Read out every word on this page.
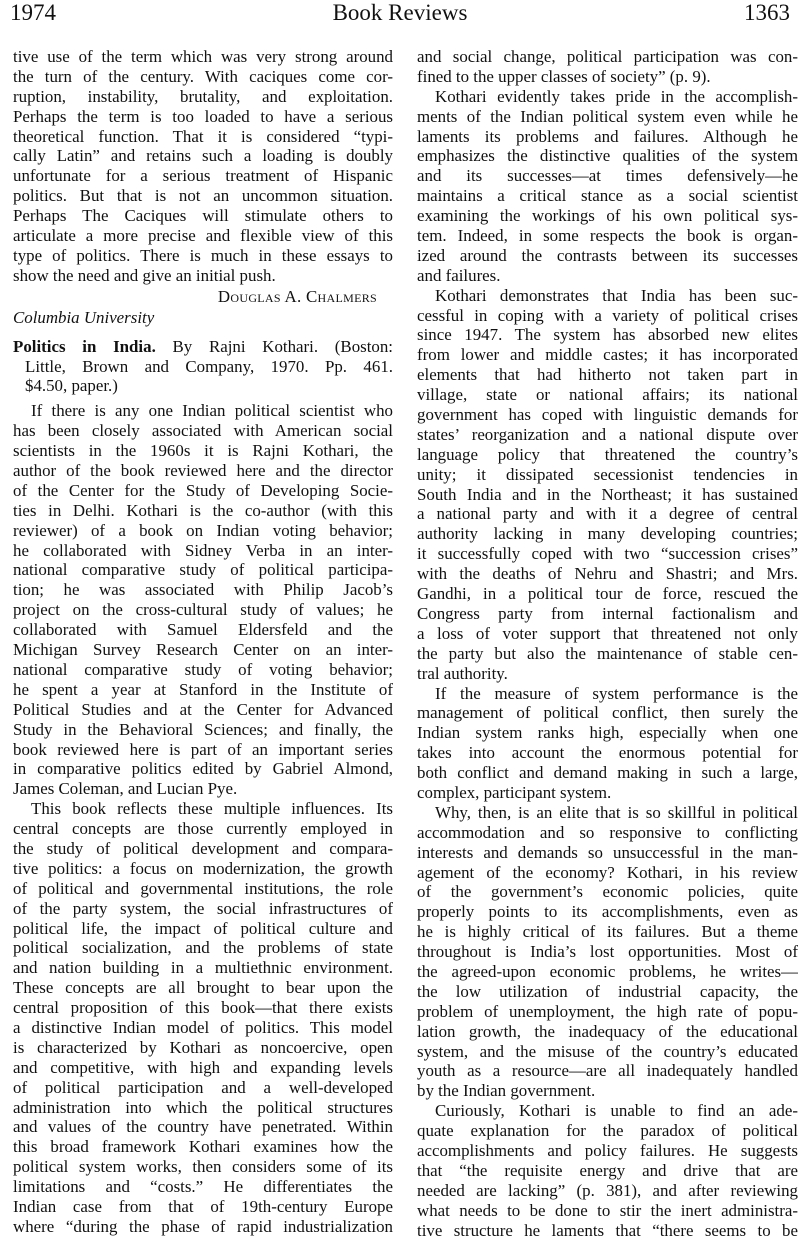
1974	Book Reviews	1363
tive use of the term which was very strong around
the turn of the century. With caciques come cor-
ruption, instability, brutality, and exploitation.
Perhaps the term is too loaded to have a serious
theoretical function. That it is considered “typi-
cally Latin” and retains such a loading is doubly
unfortunate for a serious treatment of Hispanic
politics. But that is not an uncommon situation.
Perhaps The Caciques will stimulate others to
articulate a more precise and flexible view of this
type of politics. There is much in these essays to
show the need and give an initial push.
Douglas A. Chalmers
Columbia University
Politics in India. By Rajni Kothari. (Boston:
Little, Brown and Company, 1970. Pp. 461.
$4.50, paper.)
If there is any one Indian political scientist who
has been closely associated with American social
scientists in the 1960s it is Rajni Kothari, the
author of the book reviewed here and the director
of the Center for the Study of Developing Socie-
ties in Delhi. Kothari is the co-author (with this
reviewer) of a book on Indian voting behavior;
he collaborated with Sidney Verba in an inter-
national comparative study of political participa-
tion; he was associated with Philip Jacob’s
project on the cross-cultural study of values; he
collaborated with Samuel Eldersfeld and the
Michigan Survey Research Center on an inter-
national comparative study of voting behavior;
he spent a year at Stanford in the Institute of
Political Studies and at the Center for Advanced
Study in the Behavioral Sciences; and finally, the
book reviewed here is part of an important series
in comparative politics edited by Gabriel Almond,
James Coleman, and Lucian Pye.
This book reflects these multiple influences. Its
central concepts are those currently employed in
the study of political development and compara-
tive politics: a focus on modernization, the growth
of political and governmental institutions, the role
of the party system, the social infrastructures of
political life, the impact of political culture and
political socialization, and the problems of state
and nation building in a multiethnic environment.
These concepts are all brought to bear upon the
central proposition of this book—that there exists
a distinctive Indian model of politics. This model
is characterized by Kothari as noncoercive, open
and competitive, with high and expanding levels
of political participation and a well-developed
administration into which the political structures
and values of the country have penetrated. Within
this broad framework Kothari examines how the
political system works, then considers some of its
limitations and “costs.” He differentiates the
Indian case from that of 19th-century Europe
where “during the phase of rapid industrialization
and social change, political participation was con-
fined to the upper classes of society” (p. 9).
Kothari evidently takes pride in the accomplish-
ments of the Indian political system even while he
laments its problems and failures. Although he
emphasizes the distinctive qualities of the system
and its successes—at times defensively—he
maintains a critical stance as a social scientist
examining the workings of his own political sys-
tem. Indeed, in some respects the book is organ-
ized around the contrasts between its successes
and failures.
Kothari demonstrates that India has been suc-
cessful in coping with a variety of political crises
since 1947. The system has absorbed new elites
from lower and middle castes; it has incorporated
elements that had hitherto not taken part in
village, state or national affairs; its national
government has coped with linguistic demands for
states’ reorganization and a national dispute over
language policy that threatened the country’s
unity; it dissipated secessionist tendencies in
South India and in the Northeast; it has sustained
a national party and with it a degree of central
authority lacking in many developing countries;
it successfully coped with two “succession crises”
with the deaths of Nehru and Shastri; and Mrs.
Gandhi, in a political tour de force, rescued the
Congress party from internal factionalism and
a loss of voter support that threatened not only
the party but also the maintenance of stable cen-
tral authority.
If the measure of system performance is the
management of political conflict, then surely the
Indian system ranks high, especially when one
takes into account the enormous potential for
both conflict and demand making in such a large,
complex, participant system.
Why, then, is an elite that is so skillful in political
accommodation and so responsive to conflicting
interests and demands so unsuccessful in the man-
agement of the economy? Kothari, in his review
of the government’s economic policies, quite
properly points to its accomplishments, even as
he is highly critical of its failures. But a theme
throughout is India’s lost opportunities. Most of
the agreed-upon economic problems, he writes—
the low utilization of industrial capacity, the
problem of unemployment, the high rate of popu-
lation growth, the inadequacy of the educational
system, and the misuse of the country’s educated
youth as a resource—are all inadequately handled
by the Indian government.
Curiously, Kothari is unable to find an ade-
quate explanation for the paradox of political
accomplishments and policy failures. He suggests
that “the requisite energy and drive that are
needed are lacking” (p. 381), and after reviewing
what needs to be done to stir the inert administra-
tive structure he laments that “there seems to be
